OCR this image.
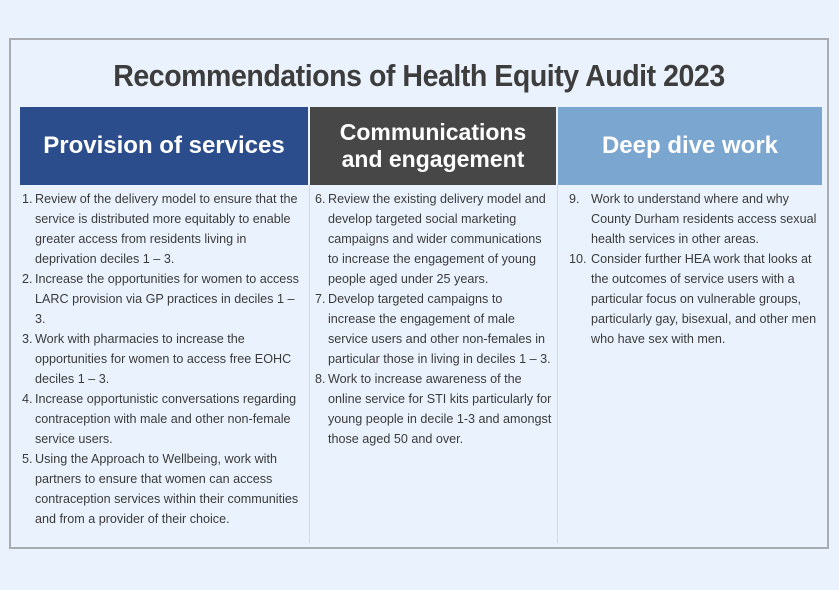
Recommendations of Health Equity Audit 2023
Provision of services	Communications and engagement
Deep dive work
1. Review of the delivery model to ensure that the service is distributed more equitably to enable greater access from residents living in deprivation deciles 1 – 3.
2. Increase the opportunities for women to access LARC provision via GP practices in deciles 1 – 3.
3. Work with pharmacies to increase the opportunities for women to access free EOHC deciles 1 – 3.
4. Increase opportunistic conversations regarding contraception with male and other non-female service users.
5. Using the Approach to Wellbeing, work with partners to ensure that women can access contraception services within their communities and from a provider of their choice.
6. Review the existing delivery model and develop targeted social marketing campaigns and wider communications to increase the engagement of young people aged under 25 years.
7. Develop targeted campaigns to increase the engagement of male service users and other non-females in particular those in living in deciles 1 – 3.
8. Work to increase awareness of the online service for STI kits particularly for young people in decile 1-3 and amongst those aged 50 and over.
9. Work to understand where and why County Durham residents access sexual health services in other areas.
10. Consider further HEA work that looks at the outcomes of service users with a particular focus on vulnerable groups, particularly gay, bisexual, and other men who have sex with men.
